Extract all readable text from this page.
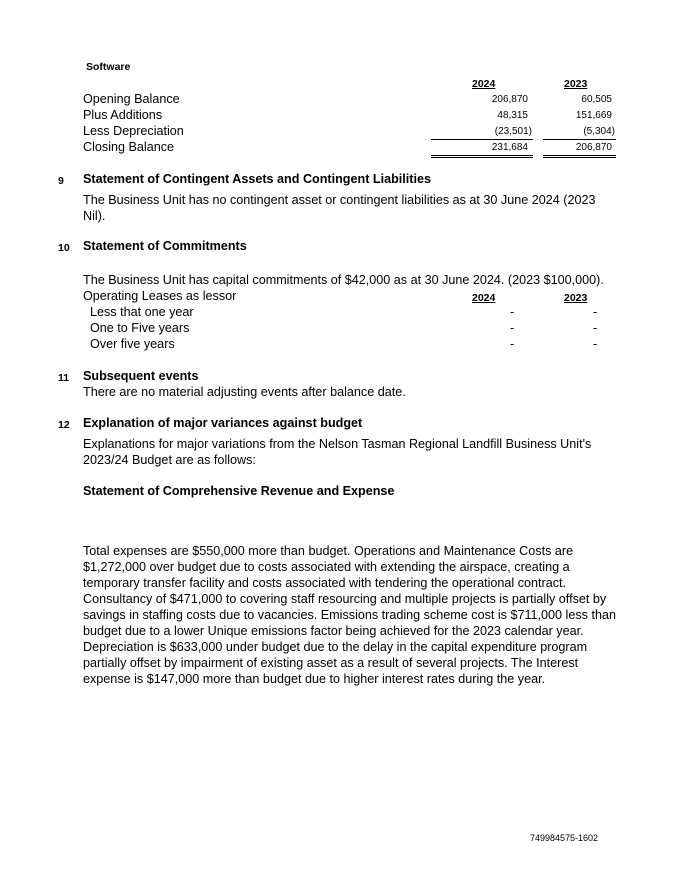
Software
2024	2023
Opening Balance	206,870	60,505
Plus Additions	48,315	151,669
Less Depreciation	(23,501)	(5,304)
Closing Balance	231,684	206,870
9 Statement of Contingent Assets and Contingent Liabilities
The Business Unit has no contingent asset or contingent liabilities as at 30 June 2024 (2023 Nil).
10 Statement of Commitments
The Business Unit has capital commitments of $42,000 as at 30 June 2024. (2023 $100,000).
Operating Leases as lessor	2024	2023
Less that one year	-	-
One to Five years	-	-
Over five years	-	-
11 Subsequent events
There are no material adjusting events after balance date.
12 Explanation of major variances against budget
Explanations for major variations from the Nelson Tasman Regional Landfill Business Unit's 2023/24 Budget are as follows:
Statement of Comprehensive Revenue and Expense
Total expenses are $550,000 more than budget. Operations and Maintenance Costs are $1,272,000 over budget due to costs associated with extending the airspace, creating a temporary transfer facility and costs associated with tendering the operational contract. Consultancy of $471,000 to covering staff resourcing and multiple projects is partially offset by savings in staffing costs due to vacancies. Emissions trading scheme cost is $711,000 less than budget due to a lower Unique emissions factor being achieved for the 2023 calendar year. Depreciation is $633,000 under budget due to the delay in the capital expenditure program partially offset by impairment of existing asset as a result of several projects. The Interest expense is $147,000 more than budget due to higher interest rates during the year.
749984575-1602
